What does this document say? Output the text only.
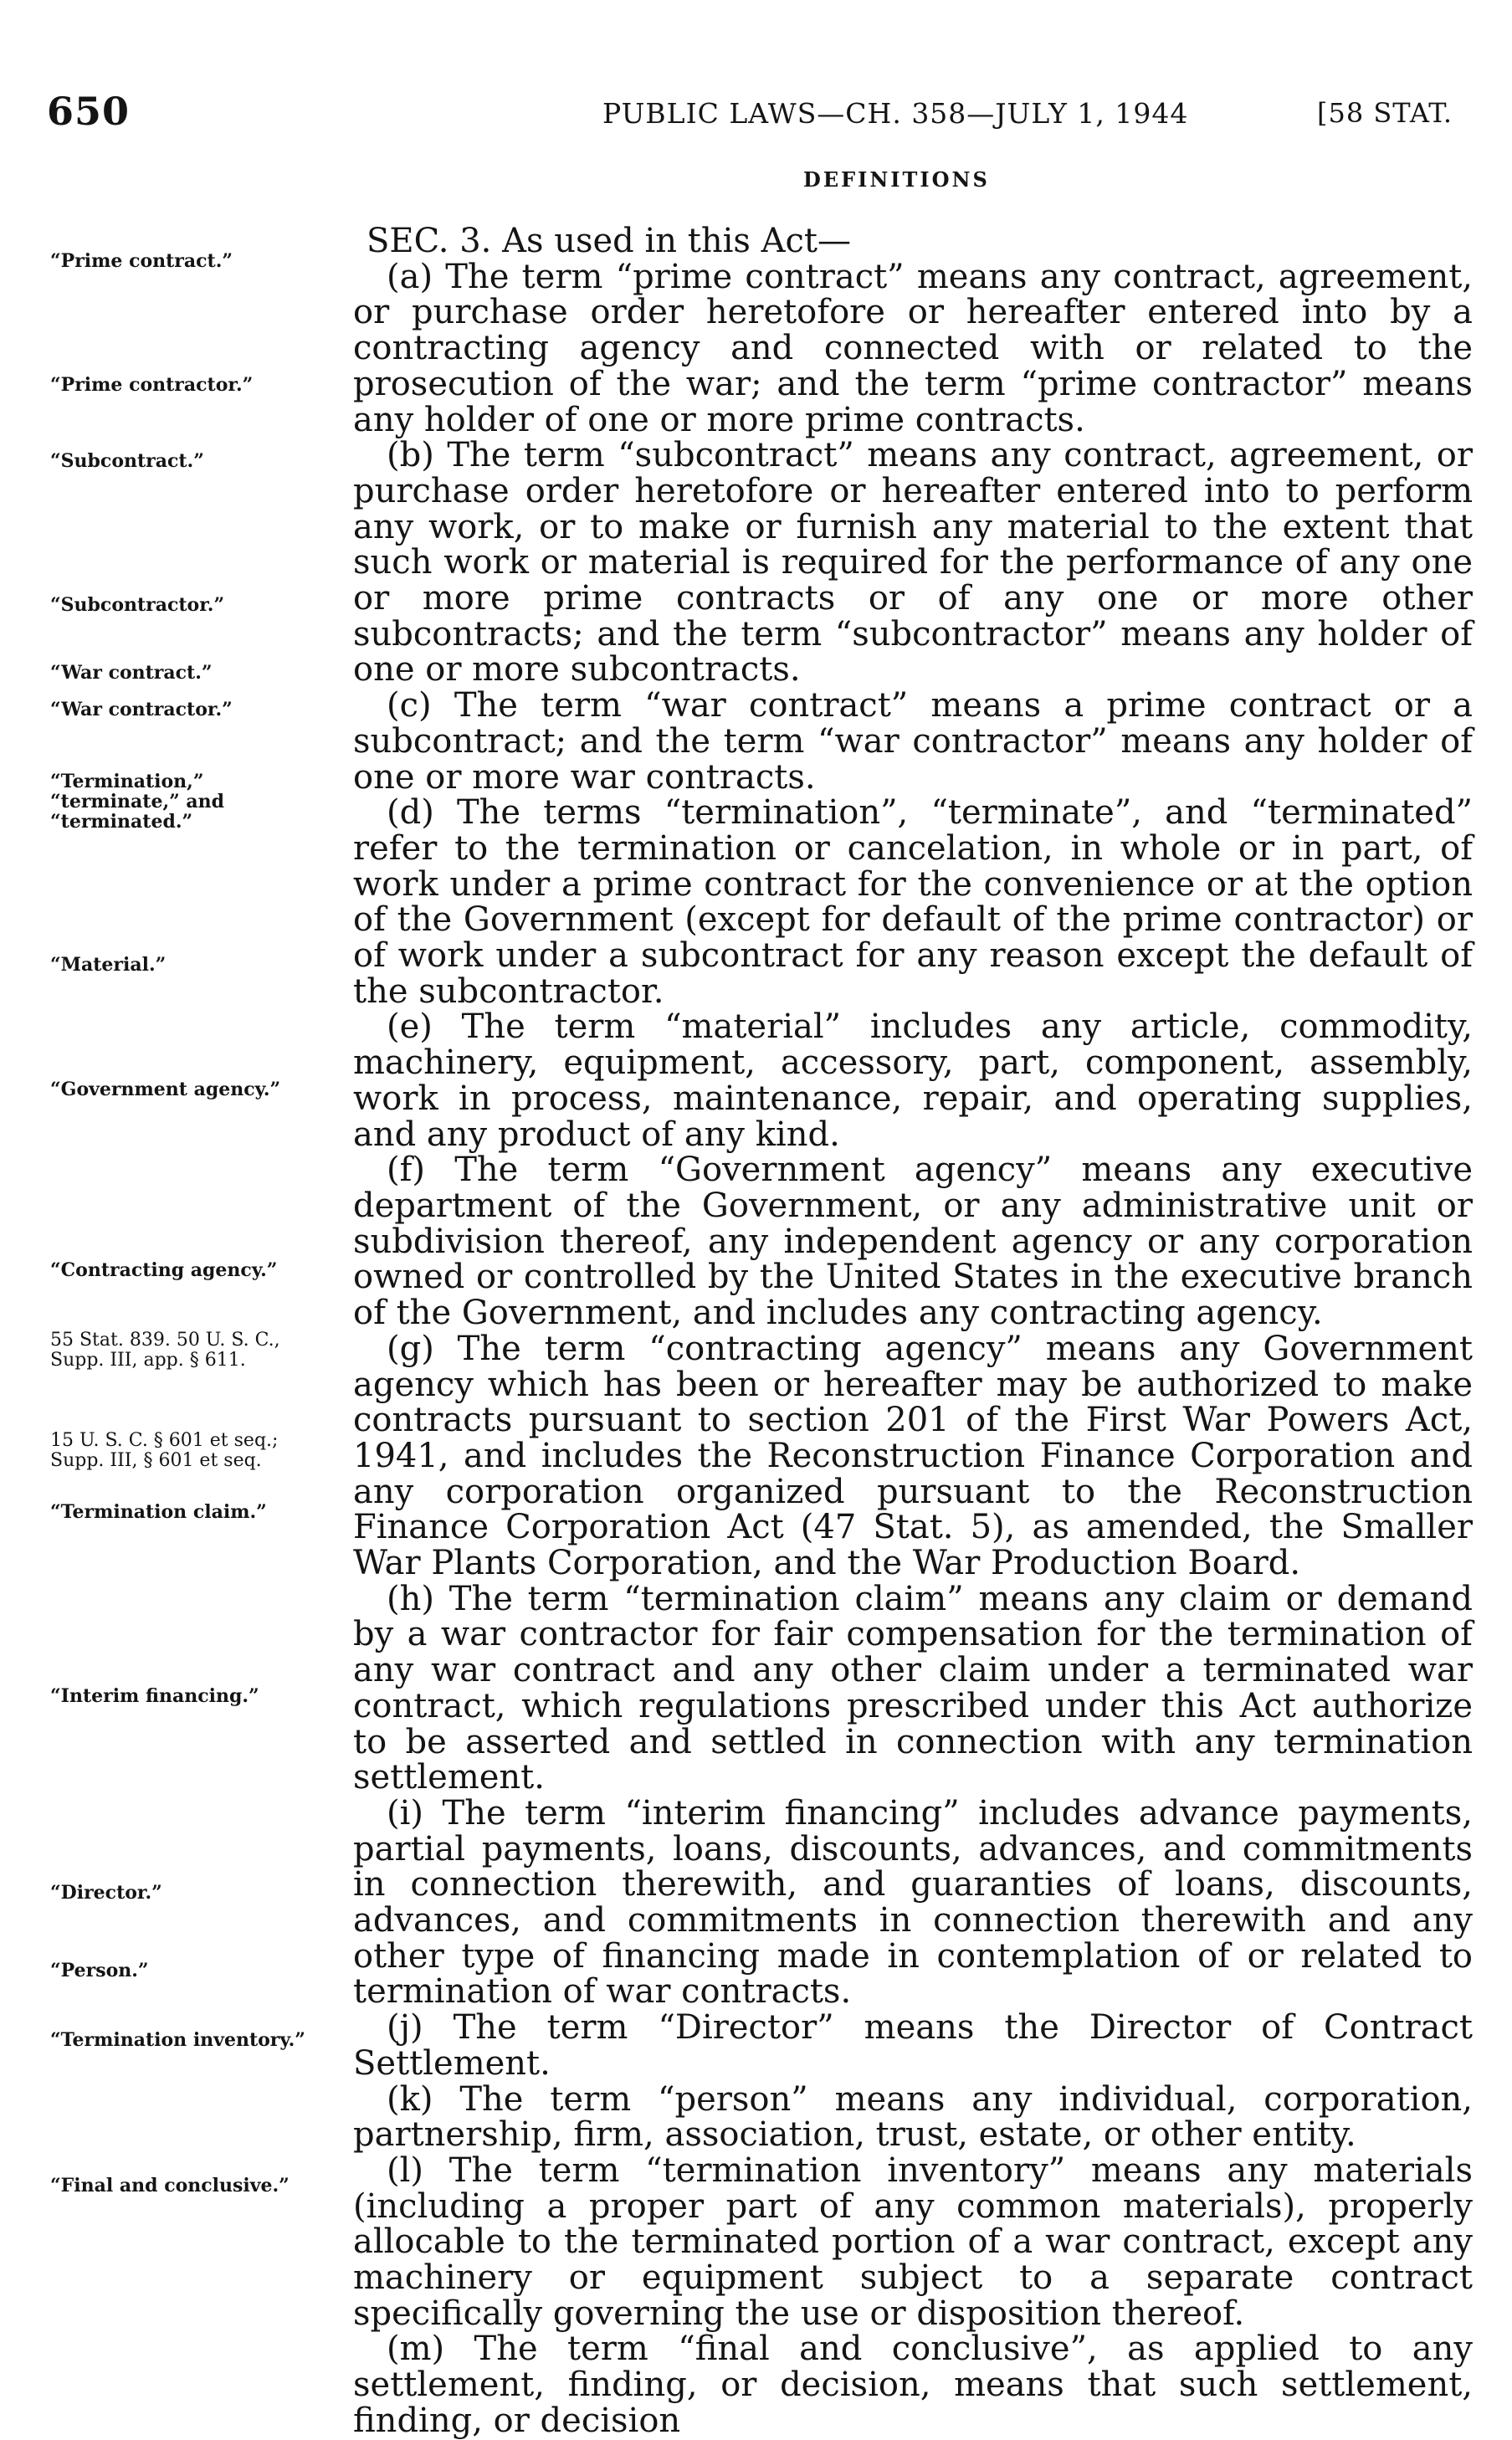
650	PUBLIC LAWS—CH. 358—JULY 1, 1944	[58 STAT.
DEFINITIONS
“Prime contract.”
“Prime contractor.”
“Subcontract.”
“Subcontractor.”
“War contract.”
“War contractor.”
“Termination,” “terminate,” and “terminated.”
“Material.”
“Government agency.”
“Contracting agency.”
55 Stat. 839. 50 U. S. C., Supp. III, app. § 611.
15 U. S. C. § 601 et seq.; Supp. III, § 601 et seq.
“Termination claim.”
“Interim financing.”
“Director.”
“Person.”
“Termination inventory.”
“Final and conclusive.”

SEC. 3. As used in this Act—

(a) The term “prime contract” means any contract, agreement, or purchase order heretofore or hereafter entered into by a contracting agency and connected with or related to the prosecution of the war; and the term “prime contractor” means any holder of one or more prime contracts.

(b) The term “subcontract” means any contract, agreement, or purchase order heretofore or hereafter entered into to perform any work, or to make or furnish any material to the extent that such work or material is required for the performance of any one or more prime contracts or of any one or more other subcontracts; and the term “subcontractor” means any holder of one or more subcontracts.

(c) The term “war contract” means a prime contract or a subcontract; and the term “war contractor” means any holder of one or more war contracts.

(d) The terms “termination”, “terminate”, and “terminated” refer to the termination or cancelation, in whole or in part, of work under a prime contract for the convenience or at the option of the Government (except for default of the prime contractor) or of work under a subcontract for any reason except the default of the subcontractor.

(e) The term “material” includes any article, commodity, machinery, equipment, accessory, part, component, assembly, work in process, maintenance, repair, and operating supplies, and any product of any kind.

(f) The term “Government agency” means any executive department of the Government, or any administrative unit or subdivision thereof, any independent agency or any corporation owned or controlled by the United States in the executive branch of the Government, and includes any contracting agency.

(g) The term “contracting agency” means any Government agency which has been or hereafter may be authorized to make contracts pursuant to section 201 of the First War Powers Act, 1941, and includes the Reconstruction Finance Corporation and any corporation organized pursuant to the Reconstruction Finance Corporation Act (47 Stat. 5), as amended, the Smaller War Plants Corporation, and the War Production Board.

(h) The term “termination claim” means any claim or demand by a war contractor for fair compensation for the termination of any war contract and any other claim under a terminated war contract, which regulations prescribed under this Act authorize to be asserted and settled in connection with any termination settlement.

(i) The term “interim financing” includes advance payments, partial payments, loans, discounts, advances, and commitments in connection therewith, and guaranties of loans, discounts, advances, and commitments in connection therewith and any other type of financing made in contemplation of or related to termination of war contracts.

(j) The term “Director” means the Director of Contract Settlement.

(k) The term “person” means any individual, corporation, partnership, firm, association, trust, estate, or other entity.

(l) The term “termination inventory” means any materials (including a proper part of any common materials), properly allocable to the terminated portion of a war contract, except any machinery or equipment subject to a separate contract specifically governing the use or disposition thereof.

(m) The term “final and conclusive”, as applied to any settlement, finding, or decision, means that such settlement, finding, or decision
